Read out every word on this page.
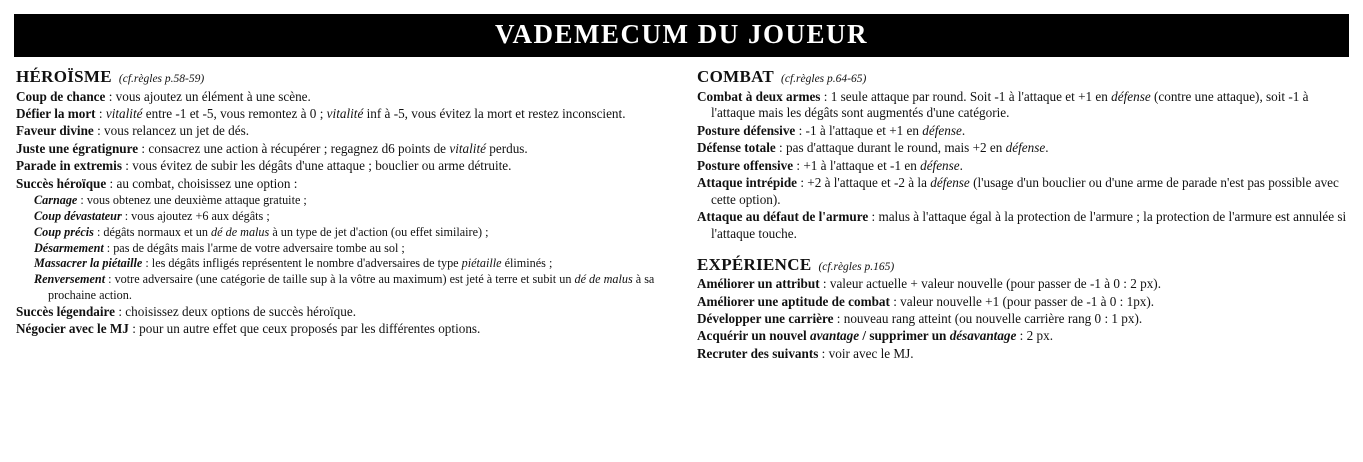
VADEMECUM DU JOUEUR
HÉROÏSME (cf.règles p.58-59)
Coup de chance : vous ajoutez un élément à une scène.
Défier la mort : vitalité entre -1 et -5, vous remontez à 0 ; vitalité inf à -5, vous évitez la mort et restez inconscient.
Faveur divine : vous relancez un jet de dés.
Juste une égratignure : consacrez une action à récupérer ; regagnez d6 points de vitalité perdus.
Parade in extremis : vous évitez de subir les dégâts d'une attaque ; bouclier ou arme détruite.
Succès héroïque : au combat, choisissez une option :
Carnage : vous obtenez une deuxième attaque gratuite ;
Coup dévastateur : vous ajoutez +6 aux dégâts ;
Coup précis : dégâts normaux et un dé de malus à un type de jet d'action (ou effet similaire) ;
Désarmement : pas de dégâts mais l'arme de votre adversaire tombe au sol ;
Massacrer la piétaille : les dégâts infligés représentent le nombre d'adversaires de type piétaille éliminés ;
Renversement : votre adversaire (une catégorie de taille sup à la vôtre au maximum) est jeté à terre et subit un dé de malus à sa prochaine action.
Succès légendaire : choisissez deux options de succès héroïque.
Négocier avec le MJ : pour un autre effet que ceux proposés par les différentes options.
COMBAT (cf.règles p.64-65)
Combat à deux armes : 1 seule attaque par round. Soit -1 à l'attaque et +1 en défense (contre une attaque), soit -1 à l'attaque mais les dégâts sont augmentés d'une catégorie.
Posture défensive : -1 à l'attaque et +1 en défense.
Défense totale : pas d'attaque durant le round, mais +2 en défense.
Posture offensive : +1 à l'attaque et -1 en défense.
Attaque intrépide : +2 à l'attaque et -2 à la défense (l'usage d'un bouclier ou d'une arme de parade n'est pas possible avec cette option).
Attaque au défaut de l'armure : malus à l'attaque égal à la protection de l'armure ; la protection de l'armure est annulée si l'attaque touche.
EXPÉRIENCE (cf.règles p.165)
Améliorer un attribut : valeur actuelle + valeur nouvelle (pour passer de -1 à 0 : 2 px).
Améliorer une aptitude de combat : valeur nouvelle +1 (pour passer de -1 à 0 : 1px).
Développer une carrière : nouveau rang atteint (ou nouvelle carrière rang 0 : 1 px).
Acquérir un nouvel avantage / supprimer un désavantage : 2 px.
Recruter des suivants : voir avec le MJ.
